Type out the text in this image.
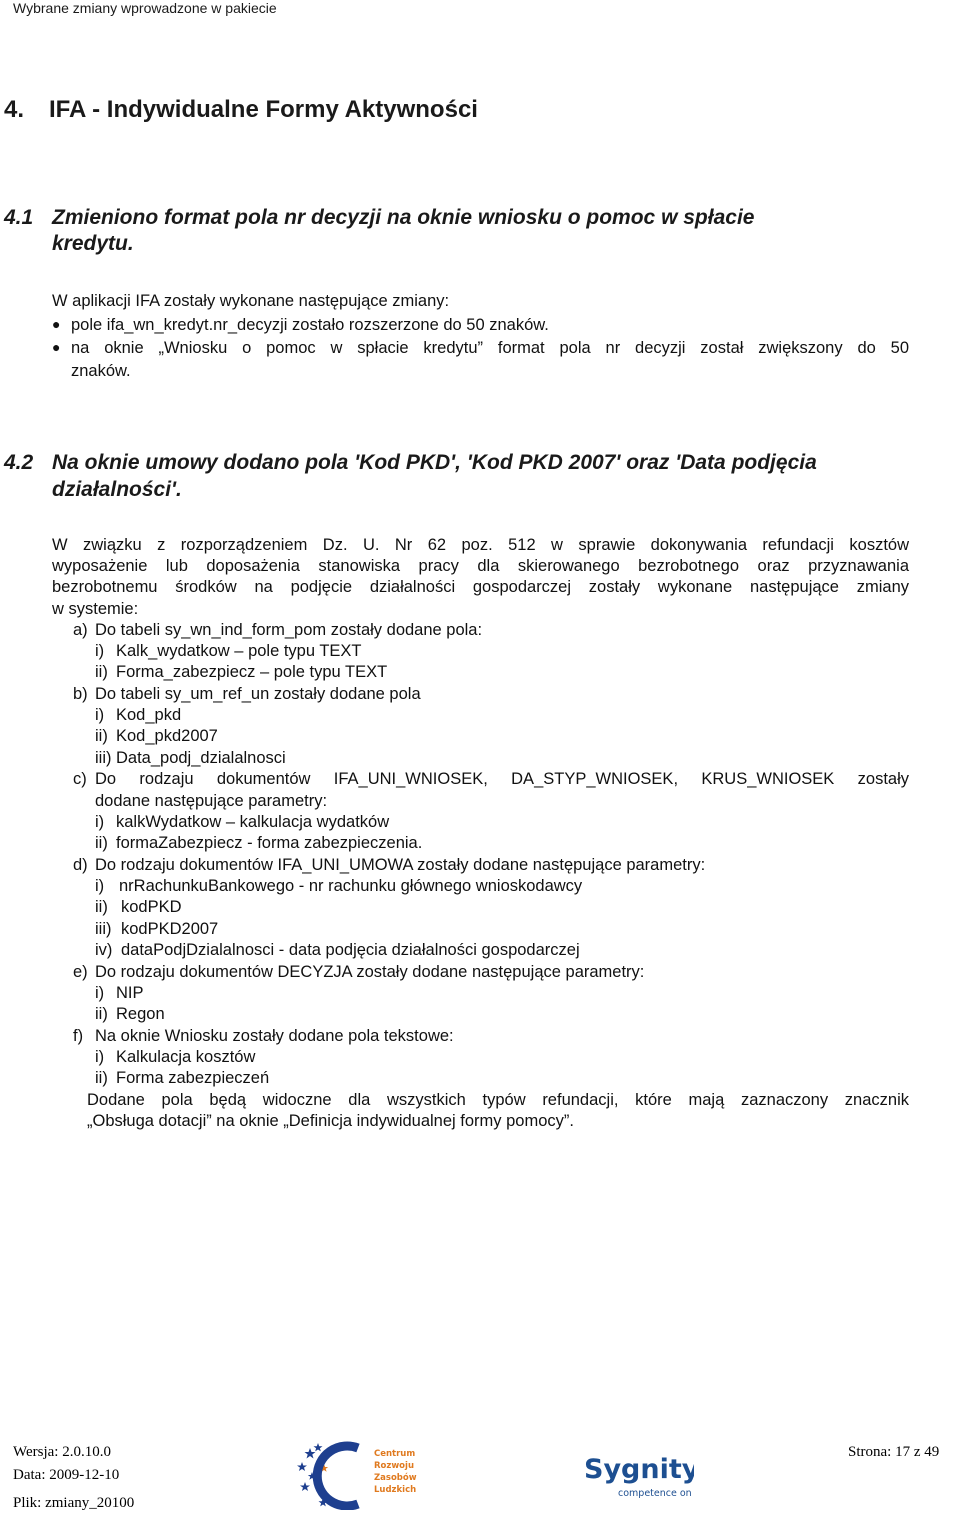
Wybrane zmiany wprowadzone w pakiecie
4. IFA - Indywidualne Formy Aktywności
4.1 Zmieniono format pola nr decyzji na oknie wniosku o pomoc w spłacie
kredytu.
W aplikacji IFA zostały wykonane następujące zmiany:
● pole ifa_wn_kredyt.nr_decyzji zostało rozszerzone do 50 znaków.
● na oknie „Wniosku o pomoc w spłacie kredytu” format pola nr decyzji został zwiększony do 50
znaków.
4.2 Na oknie umowy dodano pola 'Kod PKD', 'Kod PKD 2007' oraz 'Data podjęcia
działalności'.
W związku z rozporządzeniem Dz. U. Nr 62 poz. 512 w sprawie dokonywania refundacji kosztów
wyposażenie lub doposażenia stanowiska pracy dla skierowanego bezrobotnego oraz przyznawania
bezrobotnemu środków na podjęcie działalności gospodarczej zostały wykonane następujące zmiany
w systemie:
a) Do tabeli sy_wn_ind_form_pom zostały dodane pola:
i) Kalk_wydatkow – pole typu TEXT
ii) Forma_zabezpiecz – pole typu TEXT
b) Do tabeli sy_um_ref_un zostały dodane pola
i) Kod_pkd
ii) Kod_pkd2007
iii) Data_podj_dzialalnosci
c) Do rodzaju dokumentów IFA_UNI_WNIOSEK, DA_STYP_WNIOSEK, KRUS_WNIOSEK zostały
dodane następujące parametry:
i) kalkWydatkow – kalkulacja wydatków
ii) formaZabezpiecz - forma zabezpieczenia.
d) Do rodzaju dokumentów IFA_UNI_UMOWA zostały dodane następujące parametry:
i) nrRachunkuBankowego - nr rachunku głównego wnioskodawcy
ii) kodPKD
iii) kodPKD2007
iv) dataPodjDzialalnosci - data podjęcia działalności gospodarczej
e) Do rodzaju dokumentów DECYZJA zostały dodane następujące parametry:
i) NIP
ii) Regon
f) Na oknie Wniosku zostały dodane pola tekstowe:
i) Kalkulacja kosztów
ii) Forma zabezpieczeń
Dodane pola będą widoczne dla wszystkich typów refundacji, które mają zaznaczony znacznik
„Obsługa dotacji” na oknie „Definicja indywidualnej formy pomocy”.
Wersja: 2.0.10.0
Data: 2009-12-10
Plik: zmiany_20100
Strona: 17 z 49
Centrum
Rozwoju
Zasobów
Ludzkich
Sygnity
competence on
